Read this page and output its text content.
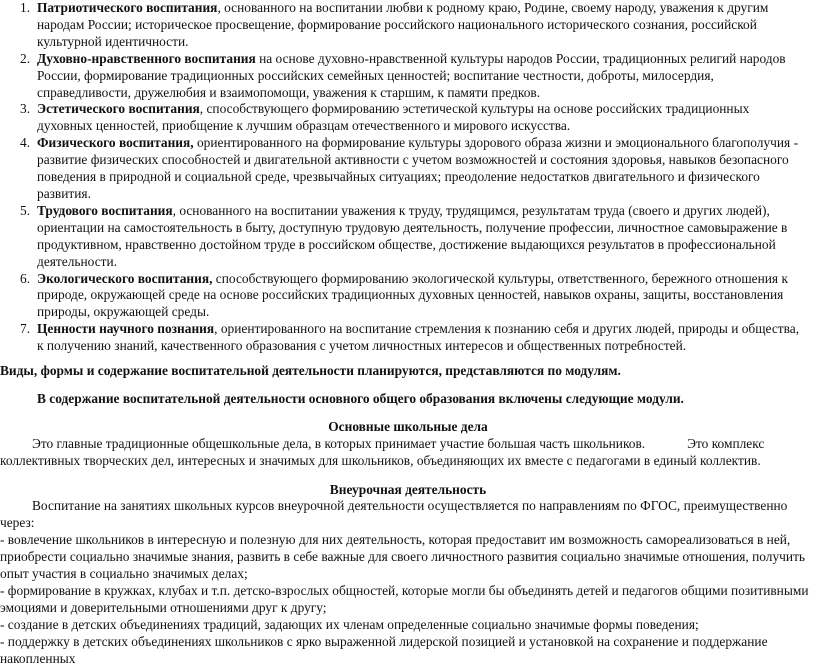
1. Патриотического воспитания, основанного на воспитании любви к родному краю, Родине, своему народу, уважения к другим народам России; историческое просвещение, формирование российского национального исторического сознания, российской культурной идентичности.
2. Духовно-нравственного воспитания на основе духовно-нравственной культуры народов России, традиционных религий народов России, формирование традиционных российских семейных ценностей; воспитание честности, доброты, милосердия, справедливости, дружелюбия и взаимопомощи, уважения к старшим, к памяти предков.
3. Эстетического воспитания, способствующего формированию эстетической культуры на основе российских традиционных духовных ценностей, приобщение к лучшим образцам отечественного и мирового искусства.
4. Физического воспитания, ориентированного на формирование культуры здорового образа жизни и эмоционального благополучия - развитие физических способностей и двигательной активности с учетом возможностей и состояния здоровья, навыков безопасного поведения в природной и социальной среде, чрезвычайных ситуациях; преодоление недостатков двигательного и физического развития.
5. Трудового воспитания, основанного на воспитании уважения к труду, трудящимся, результатам труда (своего и других людей), ориентации на самостоятельность в быту, доступную трудовую деятельность, получение профессии, личностное самовыражение в продуктивном, нравственно достойном труде в российском обществе, достижение выдающихся результатов в профессиональной деятельности.
6. Экологического воспитания, способствующего формированию экологической культуры, ответственного, бережного отношения к природе, окружающей среде на основе российских традиционных духовных ценностей, навыков охраны, защиты, восстановления природы, окружающей среды.
7. Ценности научного познания, ориентированного на воспитание стремления к познанию себя и других людей, природы и общества, к получению знаний, качественного образования с учетом личностных интересов и общественных потребностей.
Виды, формы и содержание воспитательной деятельности планируются, представляются по модулям.
В содержание воспитательной деятельности основного общего образования включены следующие модули.
Основные школьные дела
Это главные традиционные общешкольные дела, в которых принимает участие большая часть школьников.	Это комплекс коллективных творческих дел, интересных и значимых для школьников, объединяющих их вместе с педагогами в единый коллектив.
Внеурочная деятельность
Воспитание на занятиях школьных курсов внеурочной деятельности осуществляется по направлениям по ФГОС, преимущественно через:
- вовлечение школьников в интересную и полезную для них деятельность, которая предоставит им возможность самореализоваться в ней, приобрести социально значимые знания, развить в себе важные для своего личностного развития социально значимые отношения, получить опыт участия в социально значимых делах;
- формирование в кружках, клубах и т.п. детско-взрослых общностей, которые могли бы объединять детей и педагогов общими позитивными эмоциями и доверительными отношениями друг к другу;
- создание в детских объединениях традиций, задающих их членам определенные социально значимые формы поведения;
- поддержку в детских объединениях школьников с ярко выраженной лидерской позицией и установкой на сохранение и поддержание накопленных
